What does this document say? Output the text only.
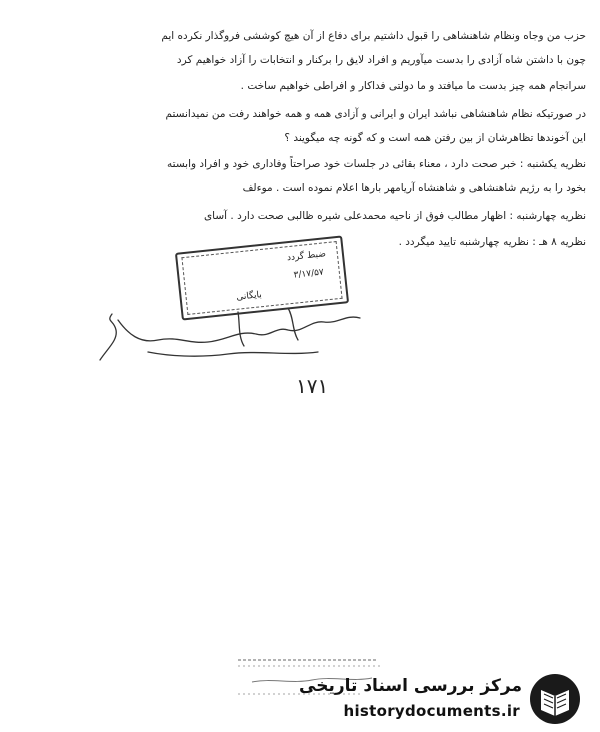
حزب من وجاه ونظام شاهنشاهی را قبول داشتیم برای دفاع از آن هیچ کوششی فروگذار نکرده ایم
چون با داشتن شاه آزادی را بدست میآوریم و افراد لایق را برکنار و انتخابات را آزاد خواهیم کرد
سرانجام همه چیز بدست ما میافتد و ما دولتی فداکار و افراطی خواهیم ساخت .
در صورتیکه نظام شاهنشاهی نباشد ایران و ایرانی و آزادی همه و همه خواهند رفت من نمیدانستم
این آخوندها تظاهرشان از بین رفتن همه است و که گونه چه میگویند ؟
نظریه یکشنبه : خبر صحت دارد ، معناء بقائی در جلسات خود صراحتاً وفاداری خود و افراد وابسته
بخود را به رژیم شاهنشاهی و شاهنشاه آریامهر بارها اعلام نموده است . موءلف
نظریه چهارشنبه : اظهار مطالب فوق از ناحیه محمدعلی شیره ظالبی صحت دارد . آسای
نظریه ۸ هـ : نظریه چهارشنبه تایید میگردد .
ضبط گردد
۳/۱۷/۵۷
بایگانی
۱۷۱
مرکز بررسی اسناد تاریخی
historydocuments.ir
